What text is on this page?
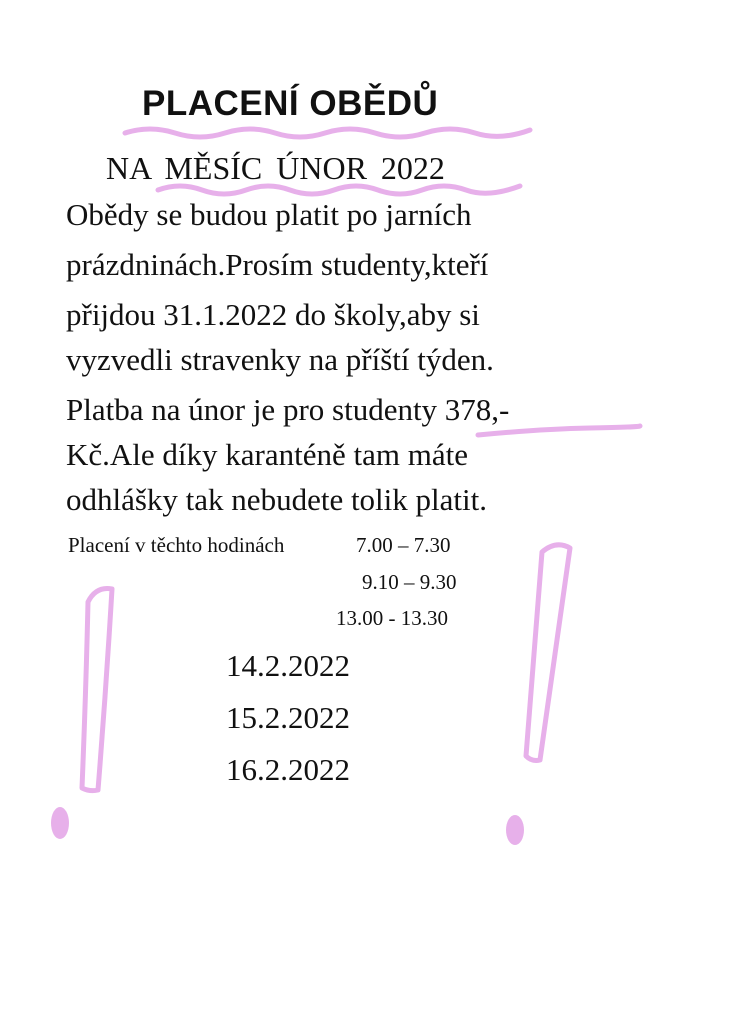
PLACENÍ OBĚDŮ
NA MĚSÍC ÚNOR 2022
Obědy se budou platit po jarních
prázdninách.Prosím studenty,kteří
přijdou 31.1.2022 do školy,aby si
vyzvedli stravenky na příští týden.
Platba na únor je pro studenty 378,-
Kč.Ale díky karanténě tam máte
odhlášky tak nebudete tolik platit.
Placení v těchto hodinách	7.00 – 7.30
9.10 – 9.30
13.00 - 13.30
14.2.2022
15.2.2022
16.2.2022
